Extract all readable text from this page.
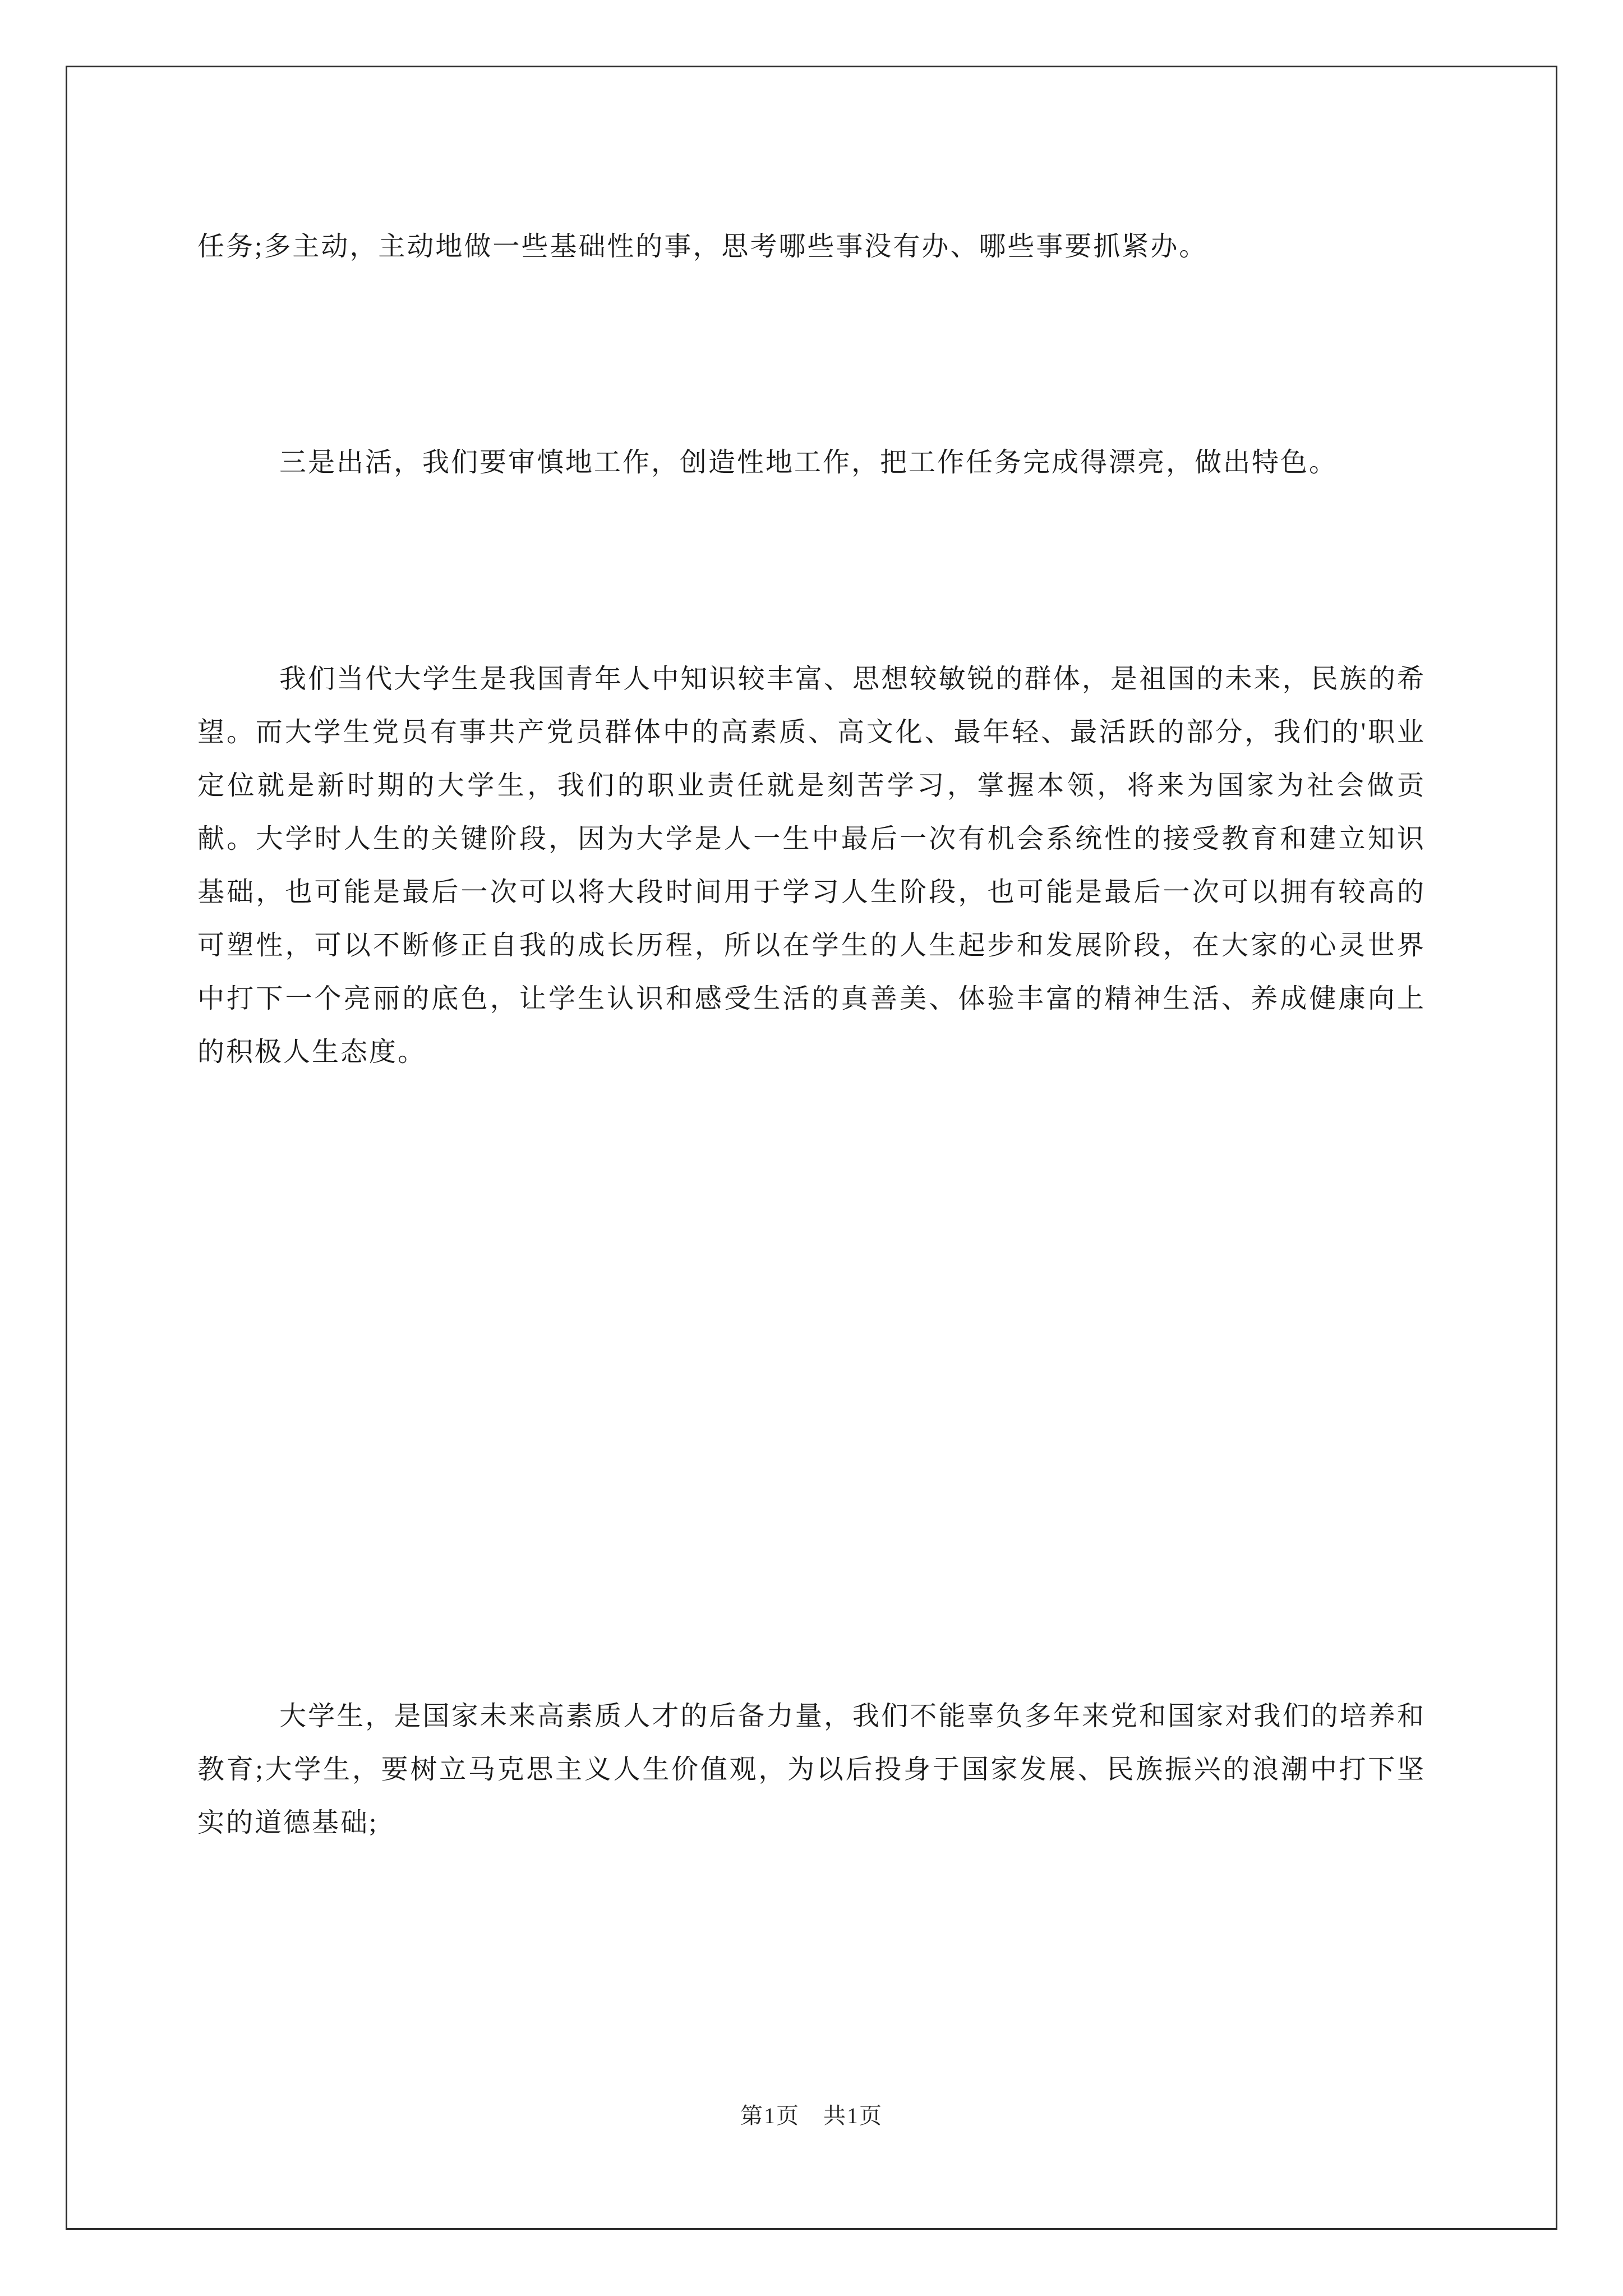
任务;多主动，主动地做一些基础性的事，思考哪些事没有办、哪些事要抓紧办。

三是出活，我们要审慎地工作，创造性地工作，把工作任务完成得漂亮，做出特色。

我们当代大学生是我国青年人中知识较丰富、思想较敏锐的群体，是祖国的未来，民族的希望。而大学生党员有事共产党员群体中的高素质、高文化、最年轻、最活跃的部分，我们的'职业定位就是新时期的大学生，我们的职业责任就是刻苦学习，掌握本领，将来为国家为社会做贡献。大学时人生的关键阶段，因为大学是人一生中最后一次有机会系统性的接受教育和建立知识基础，也可能是最后一次可以将大段时间用于学习人生阶段，也可能是最后一次可以拥有较高的可塑性，可以不断修正自我的成长历程，所以在学生的人生起步和发展阶段，在大家的心灵世界中打下一个亮丽的底色，让学生认识和感受生活的真善美、体验丰富的精神生活、养成健康向上的积极人生态度。

大学生，是国家未来高素质人才的后备力量，我们不能辜负多年来党和国家对我们的培养和教育;大学生，要树立马克思主义人生价值观，为以后投身于国家发展、民族振兴的浪潮中打下坚实的道德基础;

第1页　共1页
